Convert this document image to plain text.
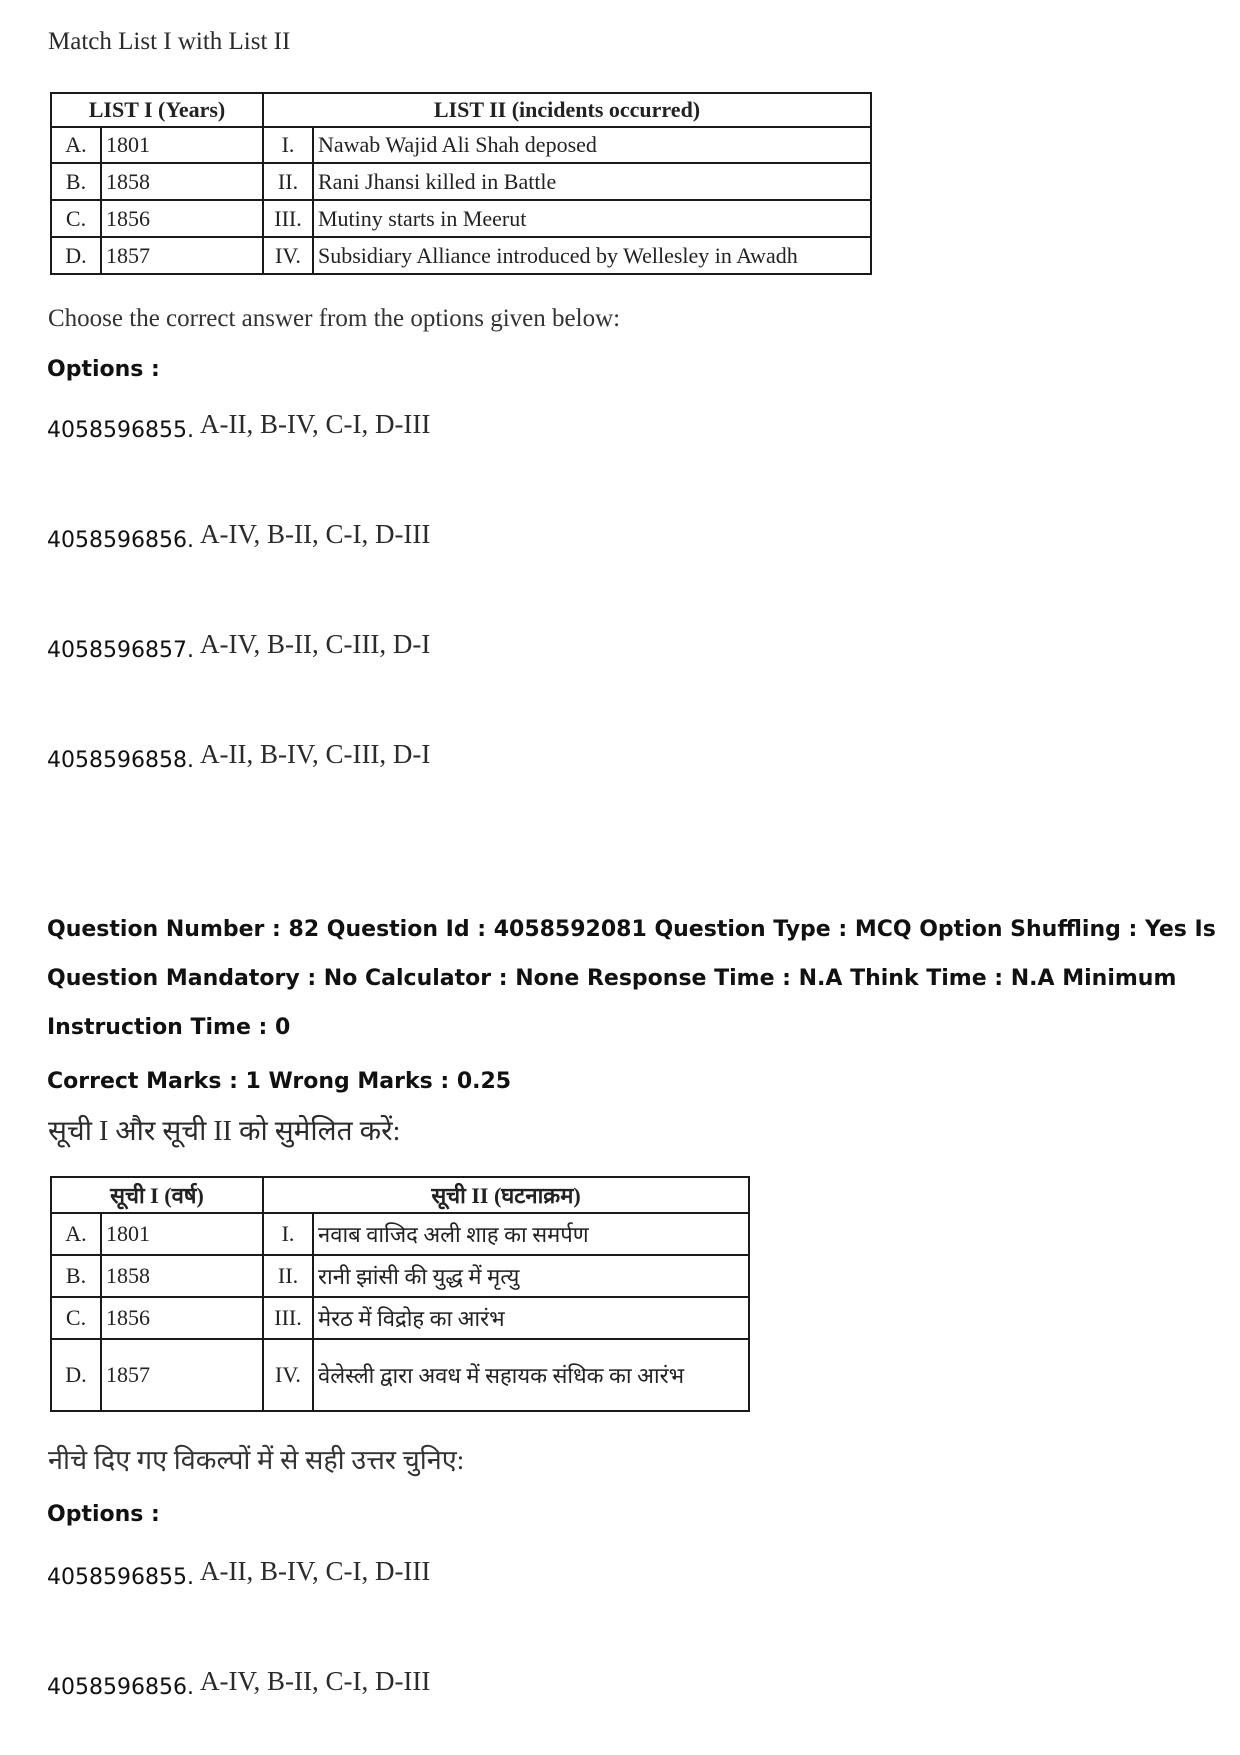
Match List I with List II
LIST I (Years)		LIST II (incidents occurred)	
A.	1801	I.	Nawab Wajid Ali Shah deposed
B.	1858	II.	Rani Jhansi killed in Battle
C.	1856	III.	Mutiny starts in Meerut
D.	1857	IV.	Subsidiary Alliance introduced by Wellesley in Awadh
Choose the correct answer from the options given below:
Options :
4058596855. A-II, B-IV, C-I, D-III
4058596856. A-IV, B-II, C-I, D-III
4058596857. A-IV, B-II, C-III, D-I
4058596858. A-II, B-IV, C-III, D-I
Question Number : 82 Question Id : 4058592081 Question Type : MCQ Option Shuffling : Yes Is Question Mandatory : No Calculator : None Response Time : N.A Think Time : N.A Minimum Instruction Time : 0
Correct Marks : 1 Wrong Marks : 0.25
सूची I और सूची II को सुमेलित करें:
सूची I (वर्ष)		सूची II (घटनाक्रम)	
A.	1801	I.	नवाब वाजिद अली शाह का समर्पण
B.	1858	II.	रानी झांसी की युद्ध में मृत्यु
C.	1856	III.	मेरठ में विद्रोह का आरंभ
D.	1857	IV.	वेलेस्ली द्वारा अवध में सहायक संधिक का आरंभ
नीचे दिए गए विकल्पों में से सही उत्तर चुनिए:
Options :
4058596855. A-II, B-IV, C-I, D-III
4058596856. A-IV, B-II, C-I, D-III
